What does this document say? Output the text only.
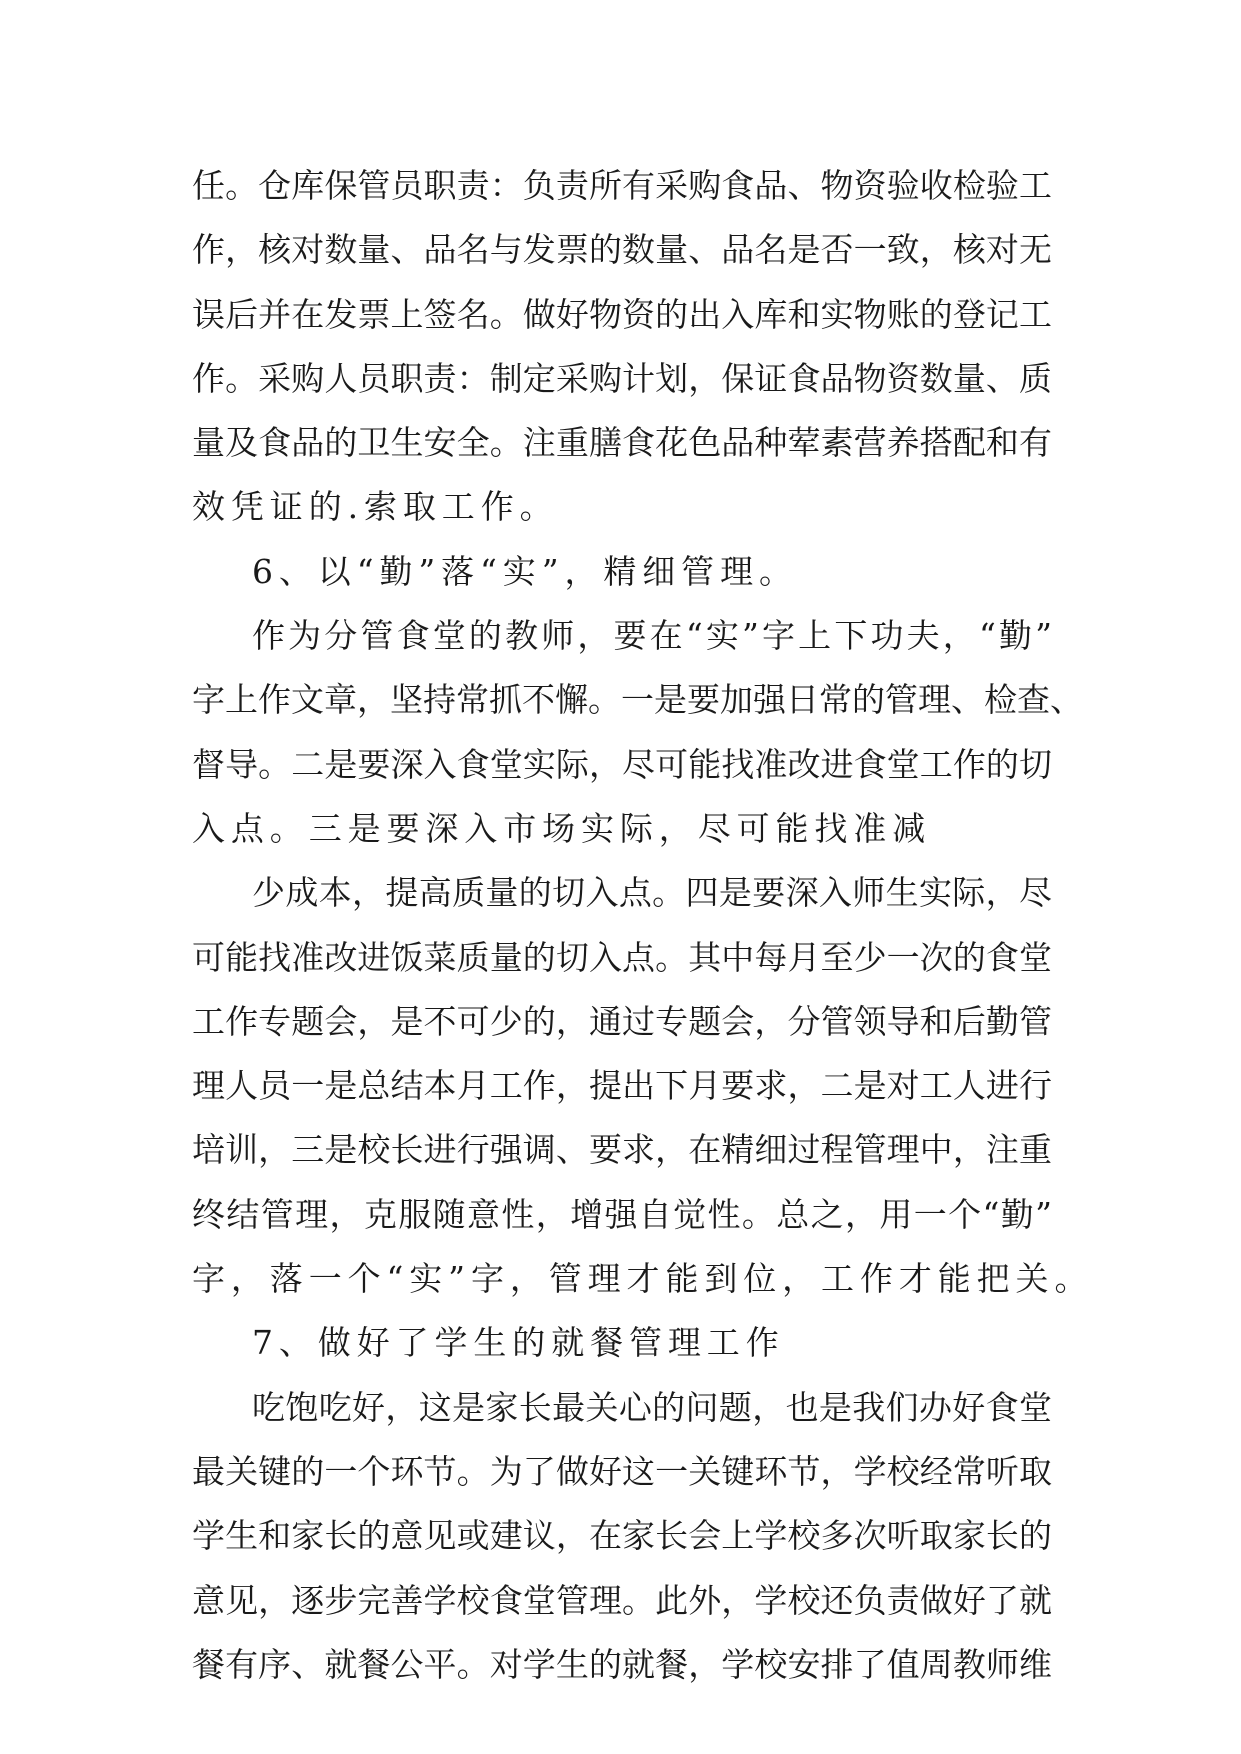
任。仓库保管员职责：负责所有采购食品、物资验收检验工
作，核对数量、品名与发票的数量、品名是否一致，核对无
误后并在发票上签名。做好物资的出入库和实物账的登记工
作。采购人员职责：制定采购计划，保证食品物资数量、质
量及食品的卫生安全。注重膳食花色品种荤素营养搭配和有
效凭证的.索取工作。
6、以“勤”落“实”，精细管理。
作为分管食堂的教师，要在“实”字上下功夫，“勤”
字上作文章，坚持常抓不懈。一是要加强日常的管理、检查、
督导。二是要深入食堂实际，尽可能找准改进食堂工作的切
入点。三是要深入市场实际，尽可能找准减
少成本，提高质量的切入点。四是要深入师生实际，尽
可能找准改进饭菜质量的切入点。其中每月至少一次的食堂
工作专题会，是不可少的，通过专题会，分管领导和后勤管
理人员一是总结本月工作，提出下月要求，二是对工人进行
培训，三是校长进行强调、要求，在精细过程管理中，注重
终结管理，克服随意性，增强自觉性。总之，用一个“勤”
字，落一个“实”字，管理才能到位，工作才能把关。
7、做好了学生的就餐管理工作
吃饱吃好，这是家长最关心的问题，也是我们办好食堂
最关键的一个环节。为了做好这一关键环节，学校经常听取
学生和家长的意见或建议，在家长会上学校多次听取家长的
意见，逐步完善学校食堂管理。此外，学校还负责做好了就
餐有序、就餐公平。对学生的就餐，学校安排了值周教师维
